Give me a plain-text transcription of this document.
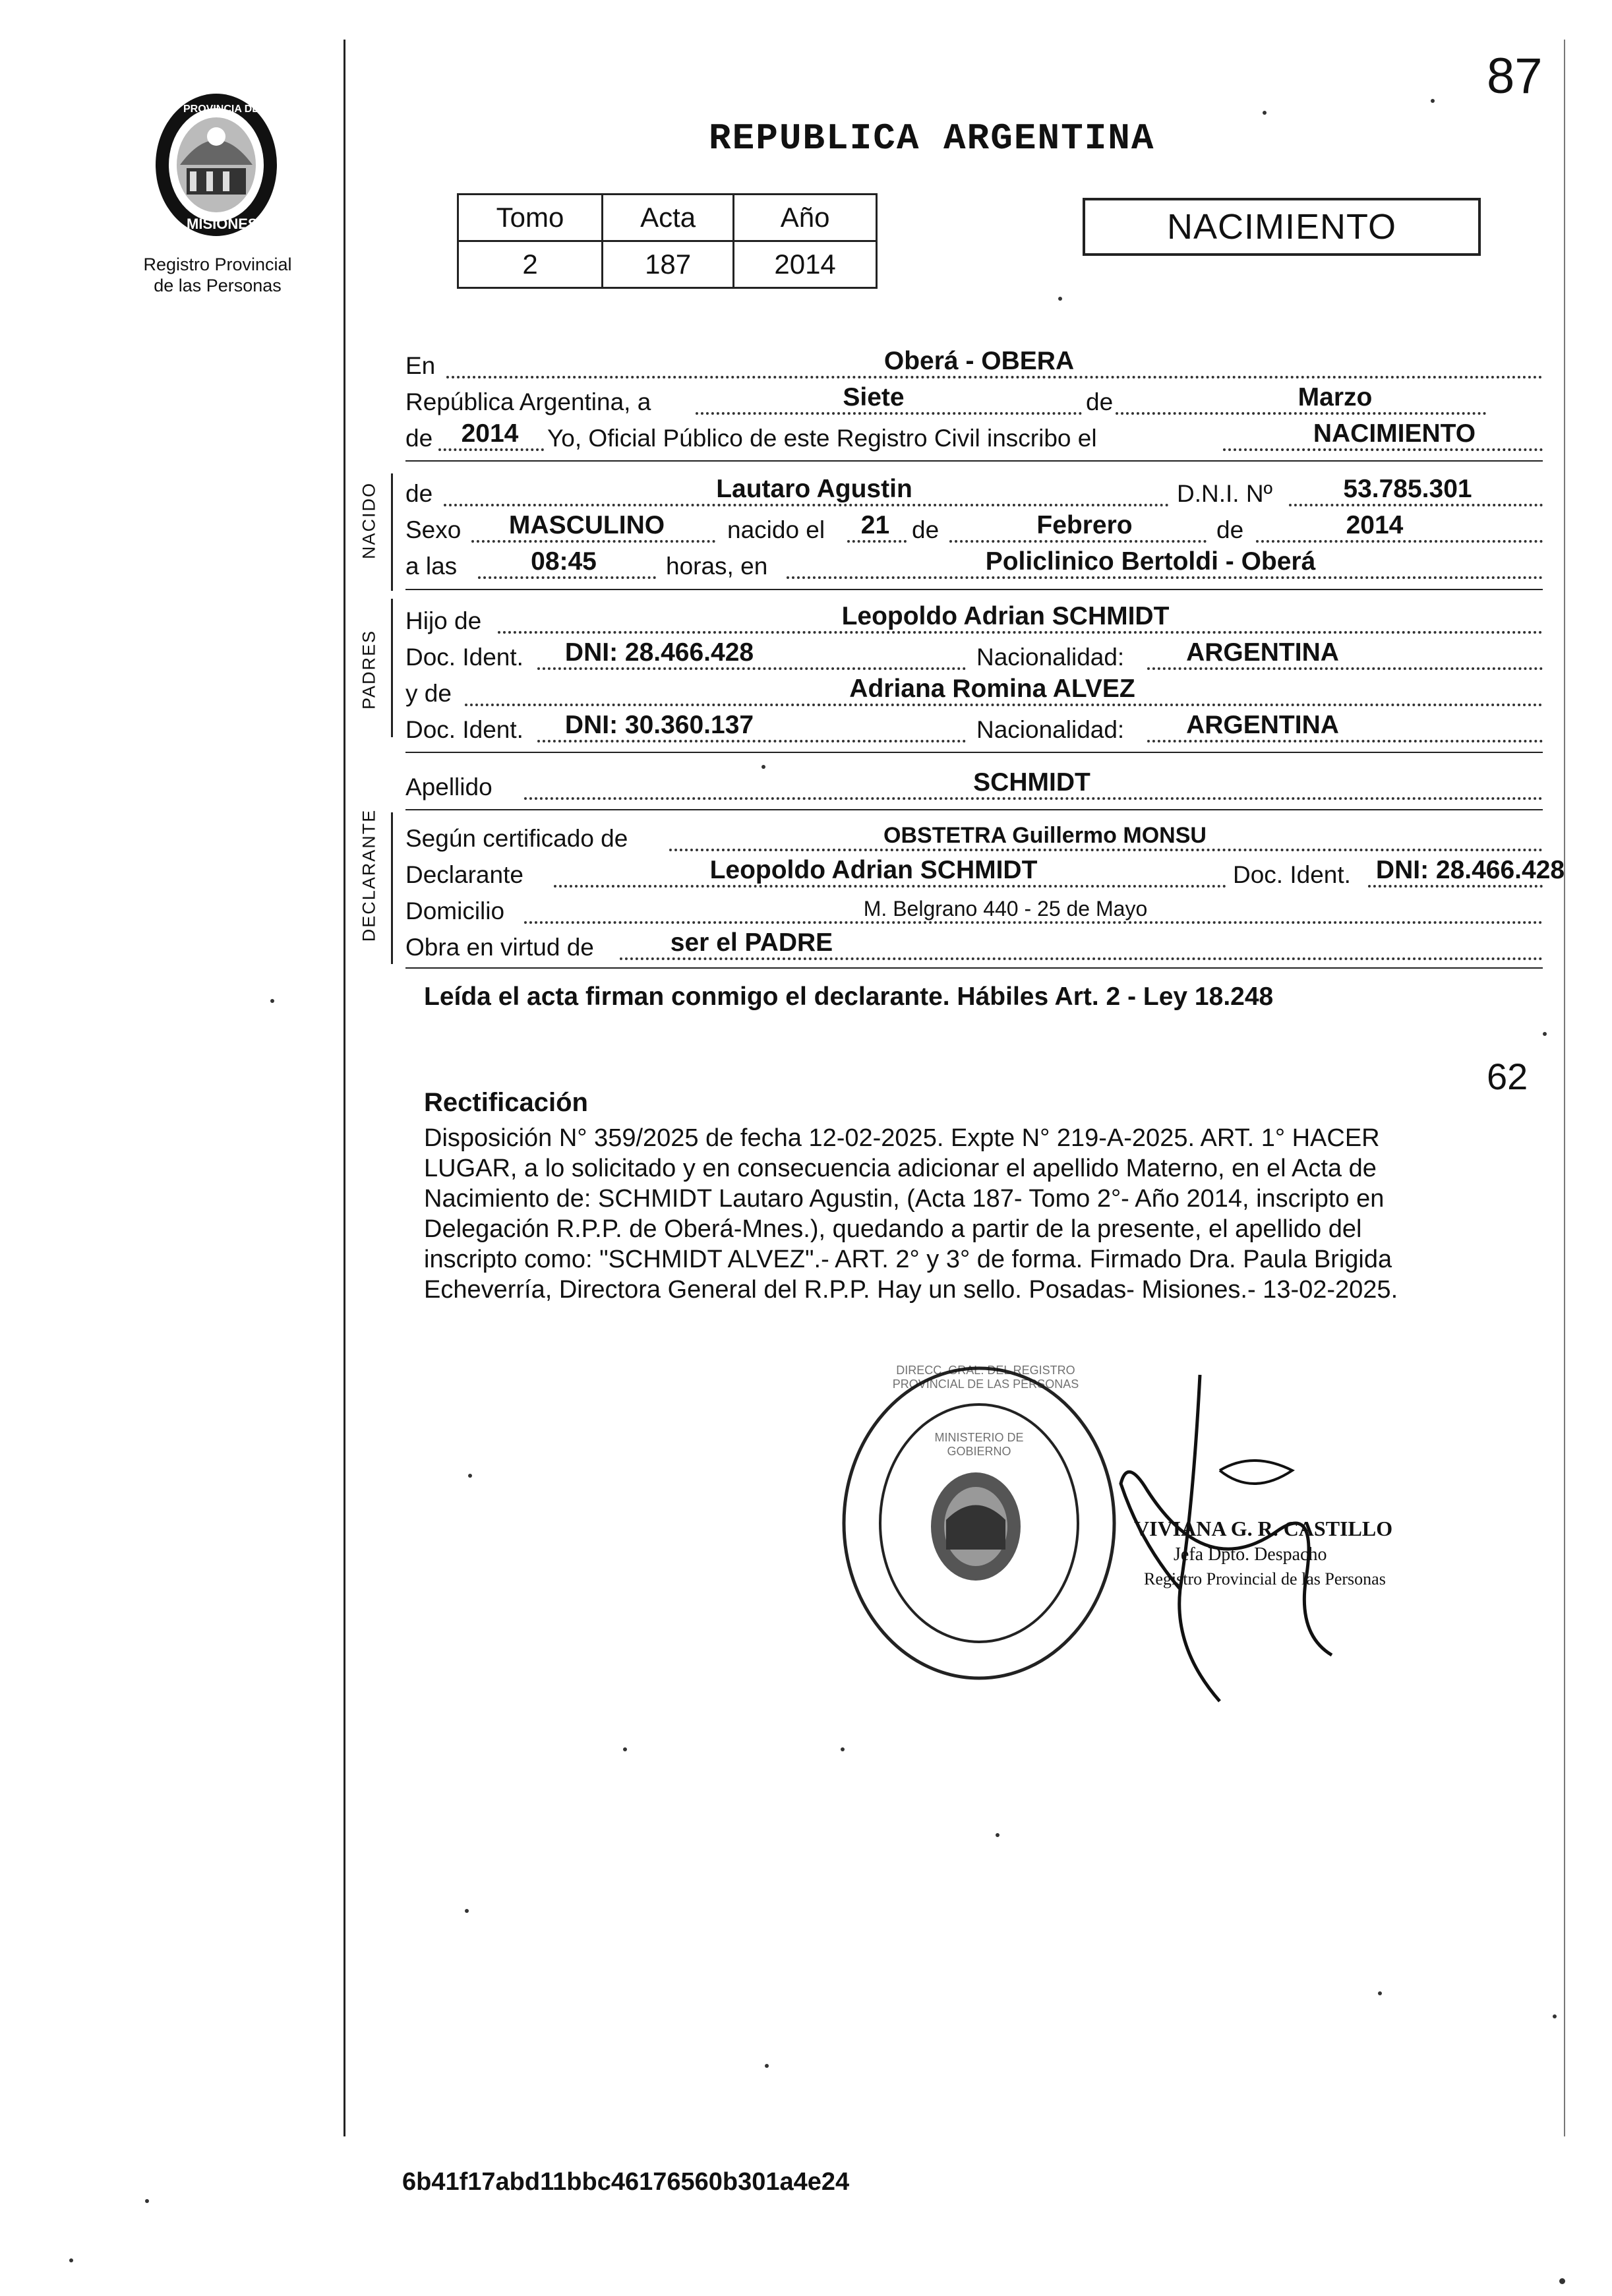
87
PROVINCIA DE
MISIONES
Registro Provincial
de las Personas
REPUBLICA ARGENTINA
Tomo	Acta	Año
2	187	2014
NACIMIENTO
NACIDO
PADRES
DECLARANTE
En	Oberá - OBERA
República Argentina, a	Siete	de	Marzo
de	2014	Yo, Oficial Público de este Registro Civil inscribo el	NACIMIENTO
de	Lautaro Agustin	D.N.I. Nº	53.785.301
Sexo	MASCULINO	nacido el	21 de	Febrero	de	2014
a las	08:45	horas, en	Policlinico Bertoldi - Oberá
Hijo de	Leopoldo Adrian SCHMIDT
Doc. Ident.	DNI: 28.466.428	Nacionalidad:	ARGENTINA
y de	Adriana Romina ALVEZ
Doc. Ident.	DNI: 30.360.137	Nacionalidad:	ARGENTINA
Apellido	SCHMIDT
Según certificado de	OBSTETRA Guillermo MONSU
Declarante	Leopoldo Adrian SCHMIDT	Doc. Ident. DNI: 28.466.428
Domicilio	M. Belgrano 440 - 25 de Mayo
Obra en virtud de	ser el PADRE
Leída el acta firman conmigo el declarante. Hábiles Art. 2 - Ley 18.248
62
Rectificación
Disposición N° 359/2025 de fecha 12-02-2025. Expte N° 219-A-2025. ART. 1° HACER
LUGAR, a lo solicitado y en consecuencia adicionar el apellido Materno, en el Acta de
Nacimiento de: SCHMIDT Lautaro Agustin, (Acta 187- Tomo 2°- Año 2014, inscripto en
Delegación R.P.P. de Oberá-Mnes.), quedando a partir de la presente, el apellido del
inscripto como: "SCHMIDT ALVEZ".- ART. 2° y 3° de forma. Firmado Dra. Paula Brigida
Echeverría, Directora General del R.P.P. Hay un sello. Posadas- Misiones.- 13-02-2025.
DIRECC. GRAL. DEL REGISTRO PROVINCIAL DE LAS PERSONAS
MINISTERIO DE GOBIERNO
VIVIANA G. R. CASTILLO
Jefa Dpto. Despacho
Registro Provincial de las Personas
6b41f17abd11bbc46176560b301a4e24
